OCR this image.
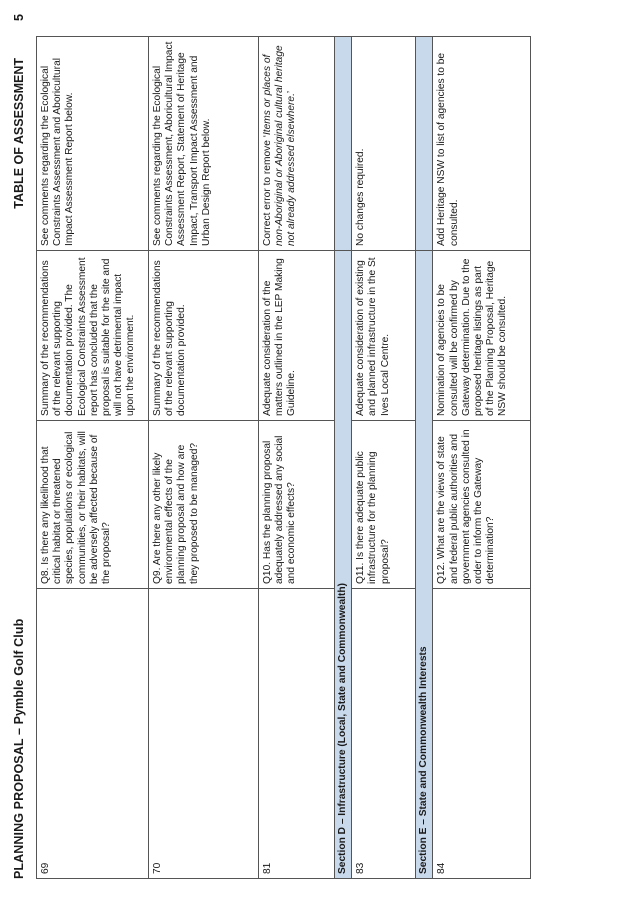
PLANNING PROPOSAL – Pymble Golf Club
TABLE OF ASSESSMENT
5
69	Q8. Is there any likelihood that critical habitat or threatened species, populations or ecological communities, or their habitats, will be adversely affected because of the proposal?	Summary of the recommendations of the relevant supporting documentation provided. The Ecological Constraints Assessment report has concluded that the proposal is suitable for the site and will not have detrimental impact upon the environment.	See comments regarding the Ecological Constraints Assessment and Aboricultural Impact Assessment Report below.
70	Q9. Are there any other likely environmental effects of the planning proposal and how are they proposed to be managed?	Summary of the recommendations of the relevant supporting documentation provided.	See comments regarding the Ecological Constraints Assessment, Aboricultural Impact Assessment Report, Statement of Heritage Impact, Transport Impact Assessment and Urban Design Report below.
81	Q10. Has the planning proposal adequately addressed any social and economic effects?	Adequate consideration of the matters outlined in the LEP Making Guideline.	Correct error to remove ‘Items or places of non-Aboriginal or Aboriginal cultural heritage not already addressed elsewhere.’
Section D – Infrastructure (Local, State and Commonwealth)			
83	Q11. Is there adequate public infrastructure for the planning proposal?	Adequate consideration of existing and planned infrastructure in the St Ives Local Centre.	No changes required.
Section E – State and Commonwealth Interests			
84	Q12. What are the views of state and federal public authorities and government agencies consulted in order to inform the Gateway determination?	Nomination of agencies to be consulted will be confirmed by Gateway determination. Due to the proposed heritage listings as part of the Planning Proposal, Heritage NSW should be consulted.	Add Heritage NSW to list of agencies to be consulted.
